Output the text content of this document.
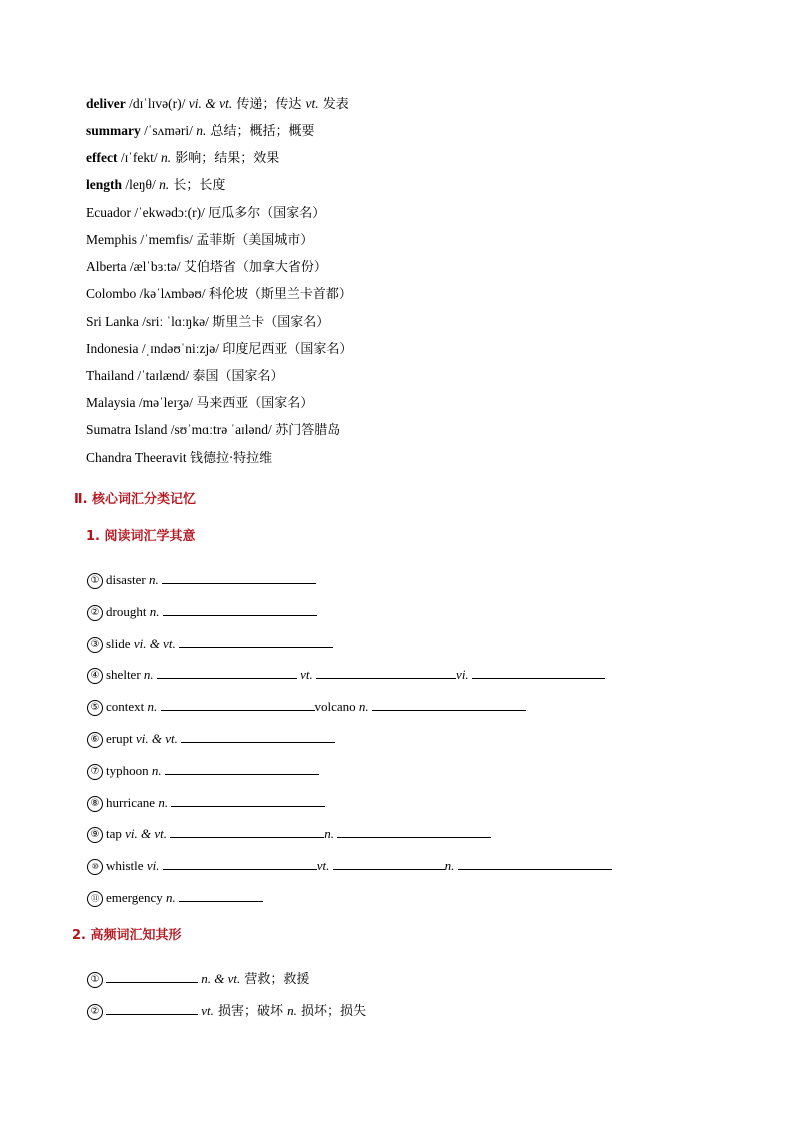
deliver /dɪˈlɪvə(r)/ vi. & vt. 传递；传达 vt. 发表
summary /ˈsʌməri/ n. 总结；概括；概要
effect /ɪˈfekt/ n. 影响；结果；效果
length /leŋθ/ n. 长；长度
Ecuador /ˈekwədɔː(r)/ 厄瓜多尔（国家名）
Memphis /ˈmemfis/ 孟菲斯（美国城市）
Alberta /ælˈbɜːtə/ 艾伯塔省（加拿大省份）
Colombo /kəˈlʌmbəʊ/ 科伦坡（斯里兰卡首都）
Sri Lanka /sriː ˈlɑːŋkə/ 斯里兰卡（国家名）
Indonesia /ˌɪndəʊˈniːzjə/ 印度尼西亚（国家名）
Thailand /ˈtaɪlænd/ 泰国（国家名）
Malaysia /məˈleɪʒə/ 马来西亚（国家名）
Sumatra Island /sʊˈmɑːtrə ˈaɪlənd/ 苏门答腊岛
Chandra Theeravit 钱德拉·特拉维
Ⅱ. 核心词汇分类记忆
1. 阅读词汇学其意
① disaster n.
② drought n.
③ slide vi. & vt.
④ shelter n.	vt.	vi.
⑤ context n.	volcano n.
⑥ erupt vi. & vt.
⑦ typhoon n.
⑧ hurricane n.
⑨ tap vi. & vt.	n.
⑩ whistle vi.	vt.	n.
⑪ emergency n.
2. 高频词汇知其形
①	n. & vt. 营救；救援
②	vt. 损害；破坏 n. 损坏；损失
